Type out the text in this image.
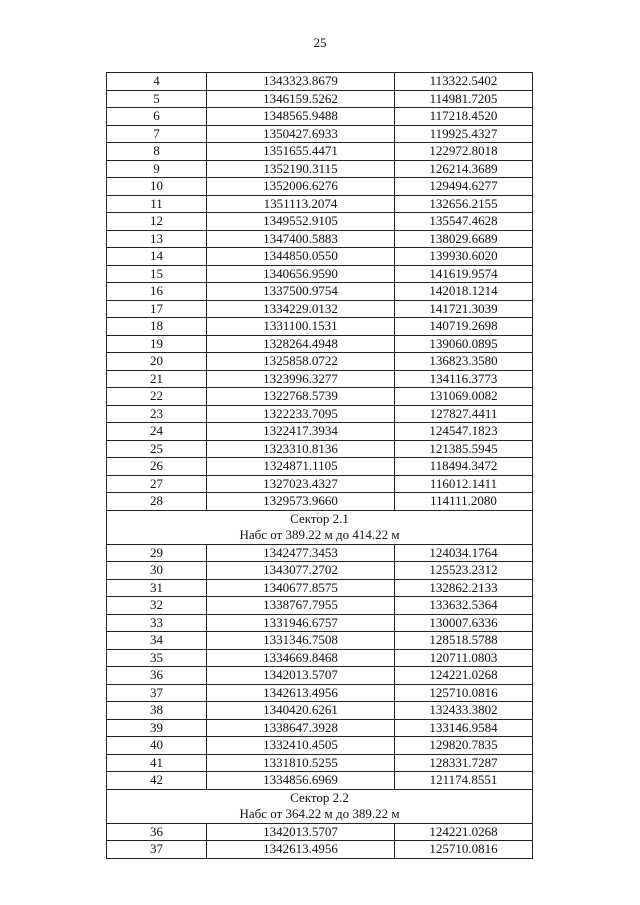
25
4	1343323.8679	113322.5402
5	1346159.5262	114981.7205
6	1348565.9488	117218.4520
7	1350427.6933	119925.4327
8	1351655.4471	122972.8018
9	1352190.3115	126214.3689
10	1352006.6276	129494.6277
11	1351113.2074	132656.2155
12	1349552.9105	135547.4628
13	1347400.5883	138029.6689
14	1344850.0550	139930.6020
15	1340656.9590	141619.9574
16	1337500.9754	142018.1214
17	1334229.0132	141721.3039
18	1331100.1531	140719.2698
19	1328264.4948	139060.0895
20	1325858.0722	136823.3580
21	1323996.3277	134116.3773
22	1322768.5739	131069.0082
23	1322233.7095	127827.4411
24	1322417.3934	124547.1823
25	1323310.8136	121385.5945
26	1324871.1105	118494.3472
27	1327023.4327	116012.1411
28	1329573.9660	114111.2080
Сектор 2.1		
Набс от 389.22 м до 414.22 м		
29	1342477.3453	124034.1764
30	1343077.2702	125523.2312
31	1340677.8575	132862.2133
32	1338767.7955	133632.5364
33	1331946.6757	130007.6336
34	1331346.7508	128518.5788
35	1334669.8468	120711.0803
36	1342013.5707	124221.0268
37	1342613.4956	125710.0816
38	1340420.6261	132433.3802
39	1338647.3928	133146.9584
40	1332410.4505	129820.7835
41	1331810.5255	128331.7287
42	1334856.6969	121174.8551
Сектор 2.2		
Набс от 364.22 м до 389.22 м		
36	1342013.5707	124221.0268
37	1342613.4956	125710.0816
